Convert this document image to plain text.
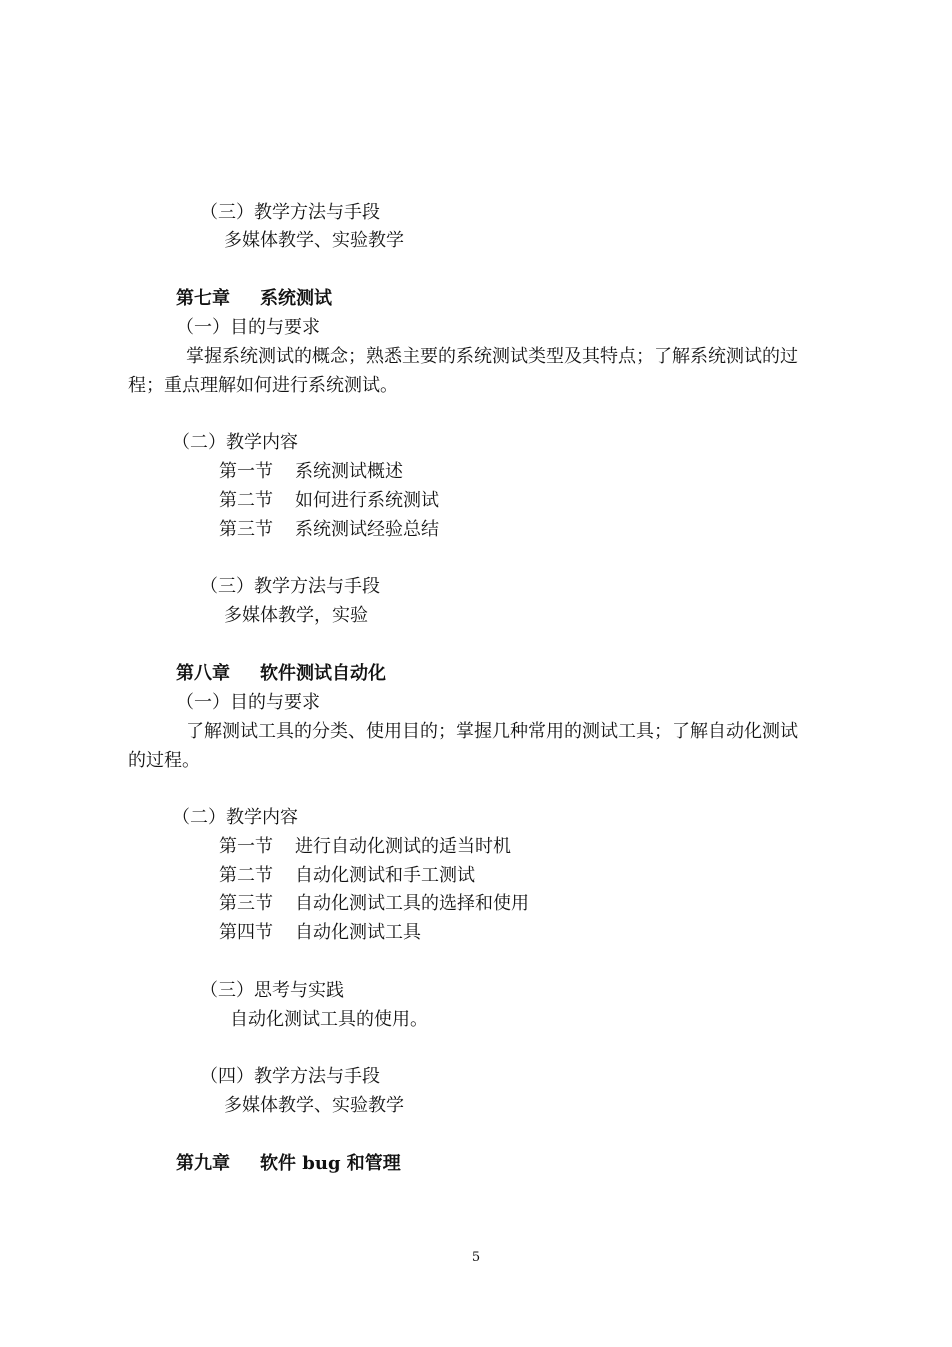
（三）教学方法与手段
多媒体教学、实验教学
第七章 系统测试
（一）目的与要求
掌握系统测试的概念；熟悉主要的系统测试类型及其特点；了解系统测试的过
程；重点理解如何进行系统测试。
（二）教学内容
第一节 系统测试概述
第二节 如何进行系统测试
第三节 系统测试经验总结
（三）教学方法与手段
多媒体教学，实验
第八章 软件测试自动化
（一）目的与要求
了解测试工具的分类、使用目的；掌握几种常用的测试工具；了解自动化测试
的过程。
（二）教学内容
第一节 进行自动化测试的适当时机
第二节 自动化测试和手工测试
第三节 自动化测试工具的选择和使用
第四节 自动化测试工具
（三）思考与实践
自动化测试工具的使用。
（四）教学方法与手段
多媒体教学、实验教学
第九章 软件 bug 和管理
5
